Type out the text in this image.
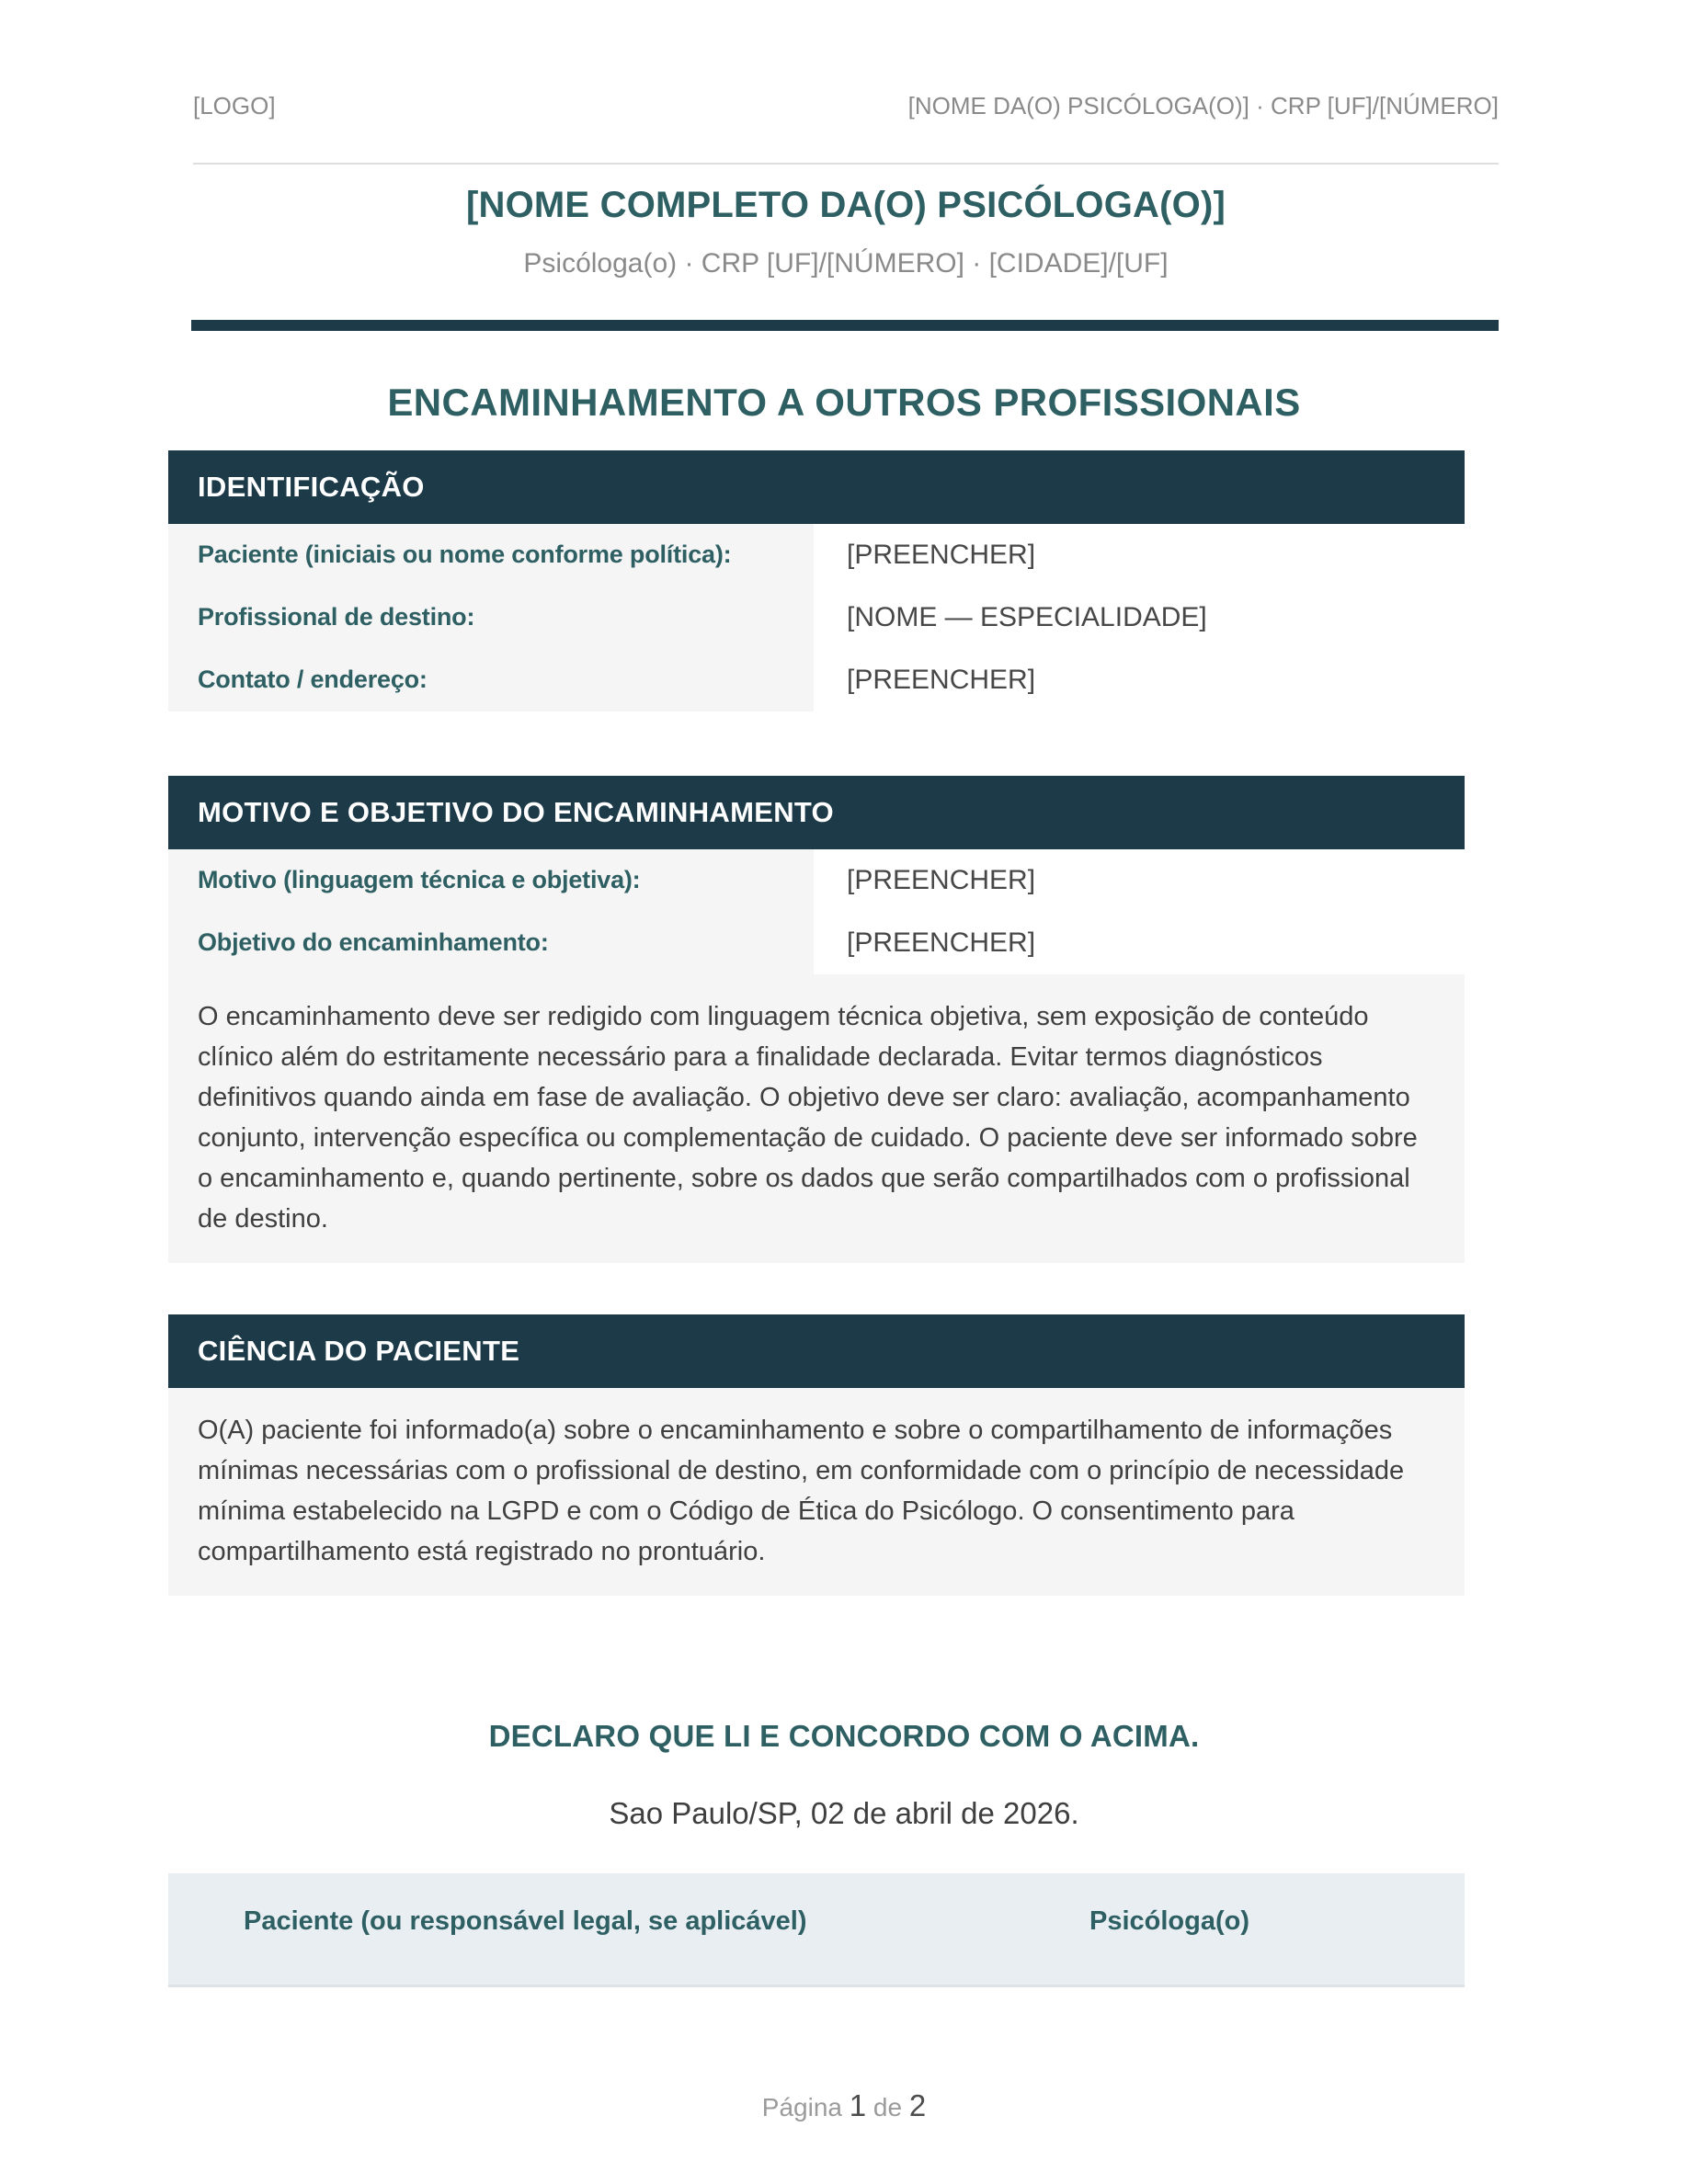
[LOGO]	[NOME DA(O) PSICÓLOGA(O)] · CRP [UF]/[NÚMERO]
[NOME COMPLETO DA(O) PSICÓLOGA(O)]
Psicóloga(o) · CRP [UF]/[NÚMERO] · [CIDADE]/[UF]
ENCAMINHAMENTO A OUTROS PROFISSIONAIS
IDENTIFICAÇÃO
Paciente (iniciais ou nome conforme política):	[PREENCHER]
Profissional de destino:	[NOME — ESPECIALIDADE]
Contato / endereço:	[PREENCHER]
MOTIVO E OBJETIVO DO ENCAMINHAMENTO
Motivo (linguagem técnica e objetiva):	[PREENCHER]
Objetivo do encaminhamento:	[PREENCHER]

O encaminhamento deve ser redigido com linguagem técnica objetiva, sem exposição de conteúdo clínico além do estritamente necessário para a finalidade declarada. Evitar termos diagnósticos definitivos quando ainda em fase de avaliação. O objetivo deve ser claro: avaliação, acompanhamento conjunto, intervenção específica ou complementação de cuidado. O paciente deve ser informado sobre o encaminhamento e, quando pertinente, sobre os dados que serão compartilhados com o profissional de destino.

CIÊNCIA DO PACIENTE

O(A) paciente foi informado(a) sobre o encaminhamento e sobre o compartilhamento de informações mínimas necessárias com o profissional de destino, em conformidade com o princípio de necessidade mínima estabelecido na LGPD e com o Código de Ética do Psicólogo. O consentimento para compartilhamento está registrado no prontuário.

DECLARO QUE LI E CONCORDO COM O ACIMA.
Sao Paulo/SP, 02 de abril de 2026.
Paciente (ou responsável legal, se aplicável)	Psicóloga(o)
Página 1 de 2
